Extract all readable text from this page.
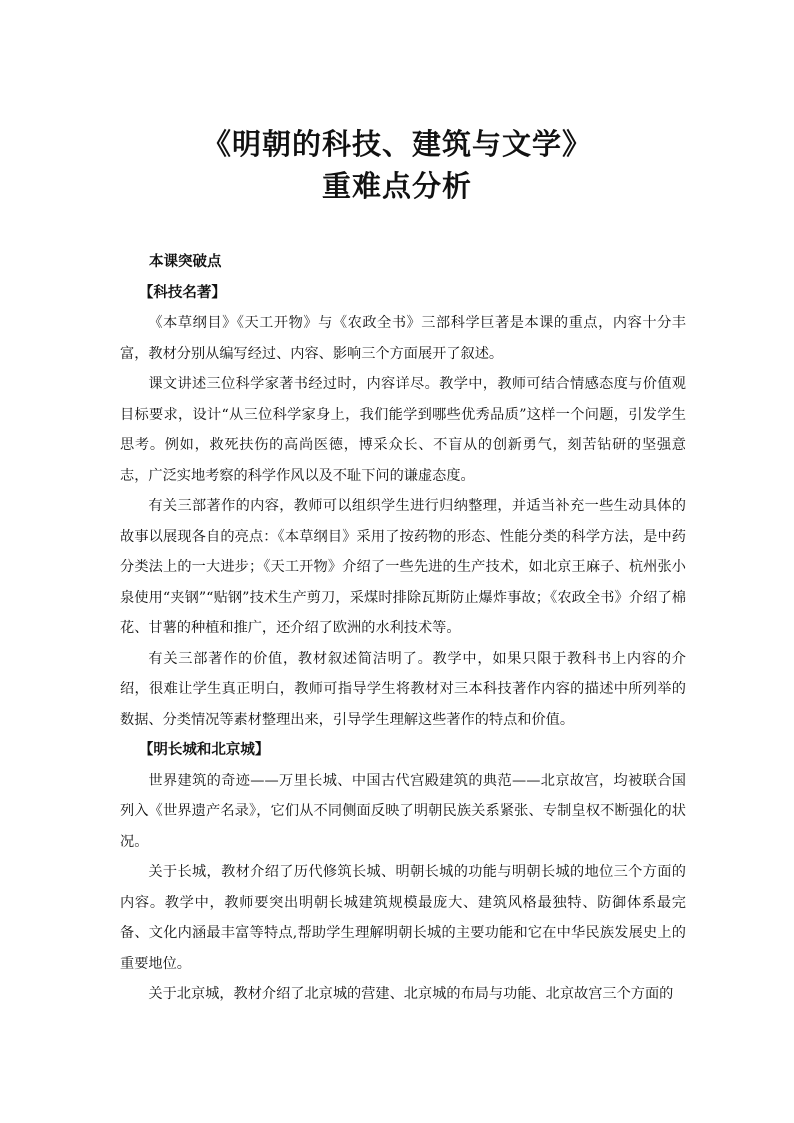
《明朝的科技、建筑与文学》
重难点分析

本课突破点

【科技名著】

《本草纲目》《天工开物》与《农政全书》三部科学巨著是本课的重点，内容十分丰富，教材分别从编写经过、内容、影响三个方面展开了叙述。

课文讲述三位科学家著书经过时，内容详尽。教学中，教师可结合情感态度与价值观目标要求，设计“从三位科学家身上，我们能学到哪些优秀品质”这样一个问题，引发学生思考。例如，救死扶伤的高尚医德，博采众长、不盲从的创新勇气，刻苦钻研的坚强意志，广泛实地考察的科学作风以及不耻下问的谦虚态度。

有关三部著作的内容，教师可以组织学生进行归纳整理，并适当补充一些生动具体的故事以展现各自的亮点：《本草纲目》采用了按药物的形态、性能分类的科学方法，是中药分类法上的一大进步；《天工开物》介绍了一些先进的生产技术，如北京王麻子、杭州张小泉使用“夹钢”“贴钢”技术生产剪刀，采煤时排除瓦斯防止爆炸事故；《农政全书》介绍了棉花、甘薯的种植和推广，还介绍了欧洲的水利技术等。

有关三部著作的价值，教材叙述简洁明了。教学中，如果只限于教科书上内容的介绍，很难让学生真正明白，教师可指导学生将教材对三本科技著作内容的描述中所列举的数据、分类情况等素材整理出来，引导学生理解这些著作的特点和价值。

【明长城和北京城】

世界建筑的奇迹——万里长城、中国古代宫殿建筑的典范——北京故宫，均被联合国列入《世界遗产名录》，它们从不同侧面反映了明朝民族关系紧张、专制皇权不断强化的状况。

关于长城，教材介绍了历代修筑长城、明朝长城的功能与明朝长城的地位三个方面的内容。教学中，教师要突出明朝长城建筑规模最庞大、建筑风格最独特、防御体系最完备、文化内涵最丰富等特点,帮助学生理解明朝长城的主要功能和它在中华民族发展史上的重要地位。

关于北京城，教材介绍了北京城的营建、北京城的布局与功能、北京故宫三个方面的
